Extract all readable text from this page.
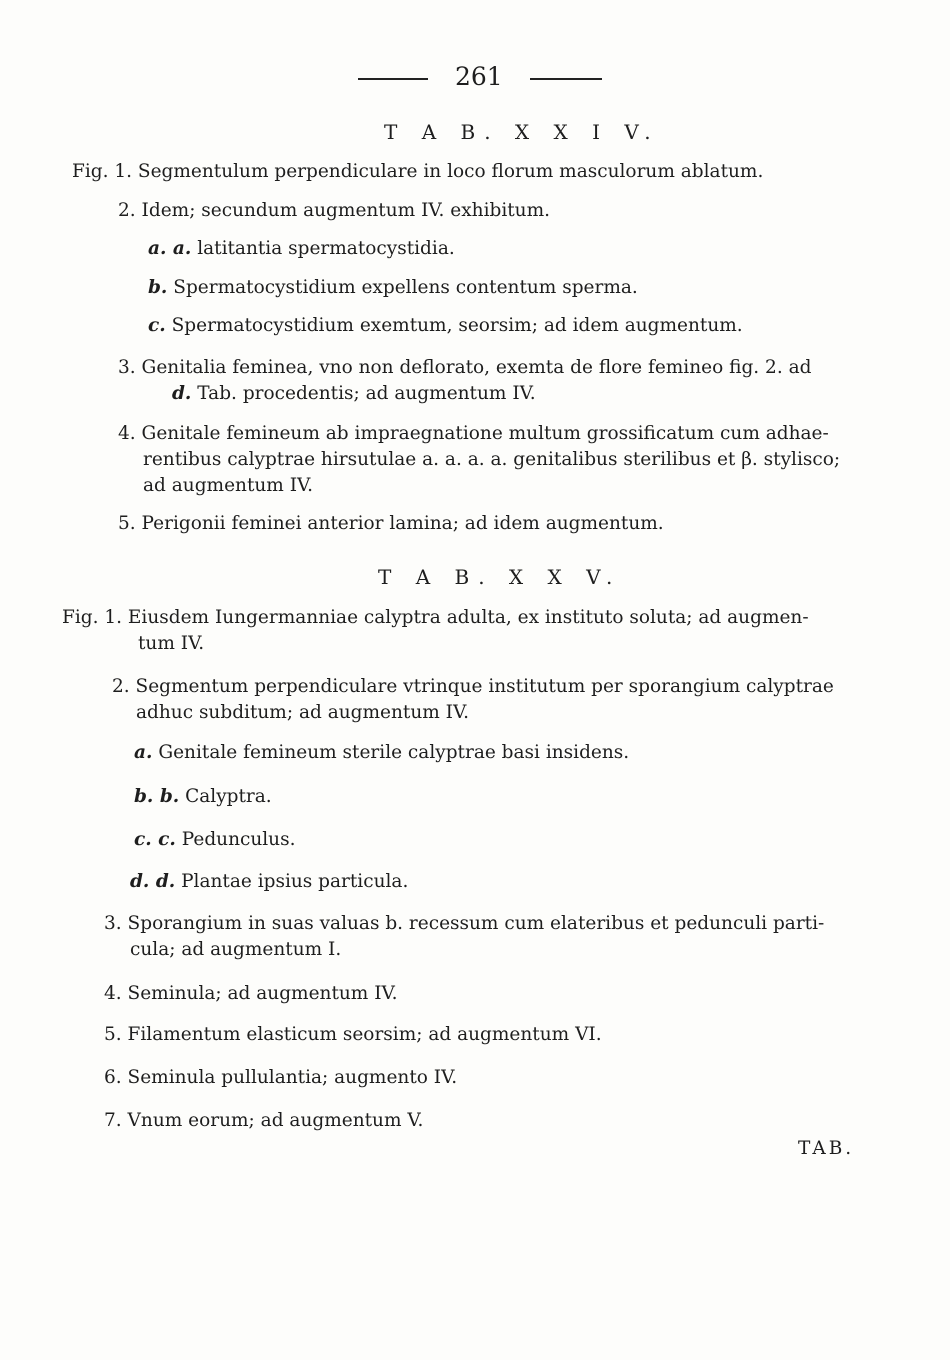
261
T A B. X X I V.
Fig. 1. Segmentulum perpendiculare in loco florum masculorum ablatum.
2. Idem; secundum augmentum IV. exhibitum.
a. a. latitantia spermatocystidia.
b. Spermatocystidium expellens contentum sperma.
c. Spermatocystidium exemtum, seorsim; ad idem augmentum.
3. Genitalia feminea, vno non deflorato, exemta de flore femineo fig. 2. ad
d. Tab. procedentis; ad augmentum IV.
4. Genitale femineum ab impraegnatione multum grossificatum cum adhae-
rentibus calyptrae hirsutulae a. a. a. a. genitalibus sterilibus et β. stylisco;
ad augmentum IV.
5. Perigonii feminei anterior lamina; ad idem augmentum.
T A B. X X V.
Fig. 1. Eiusdem Iungermanniae calyptra adulta, ex instituto soluta; ad augmen-
tum IV.
2. Segmentum perpendiculare vtrinque institutum per sporangium calyptrae
adhuc subditum; ad augmentum IV.
a. Genitale femineum sterile calyptrae basi insidens.
b. b. Calyptra.
c. c. Pedunculus.
d. d. Plantae ipsius particula.
3. Sporangium in suas valuas b. recessum cum elateribus et pedunculi parti-
cula; ad augmentum I.
4. Seminula; ad augmentum IV.
5. Filamentum elasticum seorsim; ad augmentum VI.
6. Seminula pullulantia; augmento IV.
7. Vnum eorum; ad augmentum V.
TAB.
